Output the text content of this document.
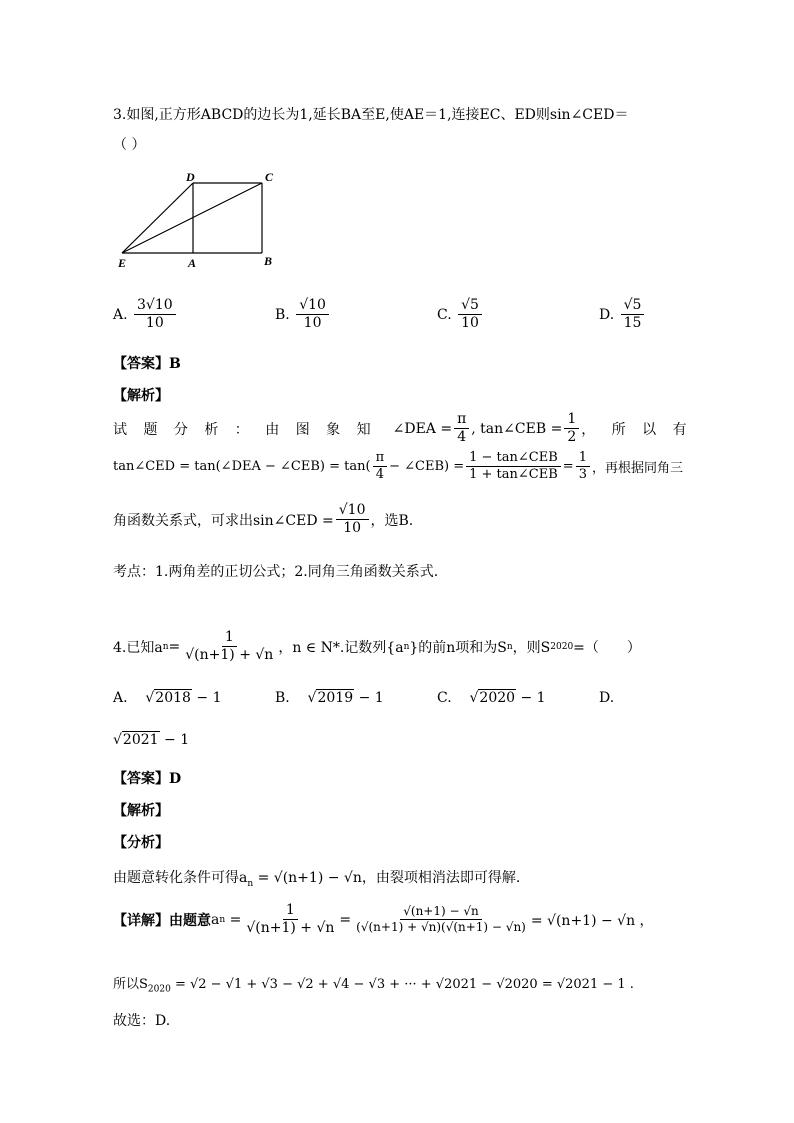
3.如图,正方形ABCD的边长为1,延长BA至E,使AE＝1,连接EC、ED则sin∠CED＝
（ ）
D	C
E	A	B
A. $\frac{3√10}{10}$	B. $\frac{√10}{10}$	C. $\frac{√5}{10}$	D. $\frac{√5}{15}$
【答案】B
【解析】
试 题 分 析 ： 由 图 象 知 ∠DEA = $\frac{\pi}{4}$ , tan∠CEB = $\frac{1}{2}$ ， 所 以 有
tan∠CED = tan(∠DEA − ∠CEB) = $\tan( \frac{\pi}{4}$ − ∠CEB) = $\frac{\text{1 − tan∠CEB}}{\text{1 + tan∠CEB}} = \frac{1}{3}$ ，再根据同角三
角函数关系式，可求出sin∠CED = $\frac{√10}{10}$ ，选B.
考点：1.两角差的正切公式；2.同角三角函数关系式.
4.已知a $n = \frac{1}{√(n+1) + √n}$ ，n ∈ N*.记数列{a n }的前n项和为S n ，则S 2020 =（　　）
A.    √2018 − 1	B.    √2019 − 1	C.    √2020 − 1	D.
√2021 − 1
【答案】D
【解析】
【分析】
由题意转化条件可得$a_n = √(n+1) - √n$，由裂项相消法即可得解.
【详解】由题意 a $n = \frac{1}{√(n+1) + √n} = \frac{√(n+1) - √n}{(√(n+1) + √n)(√(n+1) - √n)} = √(n+1) - √n$ ，
所以$S_{2020} = √2 - √1 + √3 - √2 + √4 - √3$ + ··· + √2021 − √2020 = √2021 − 1 .
故选：D.
